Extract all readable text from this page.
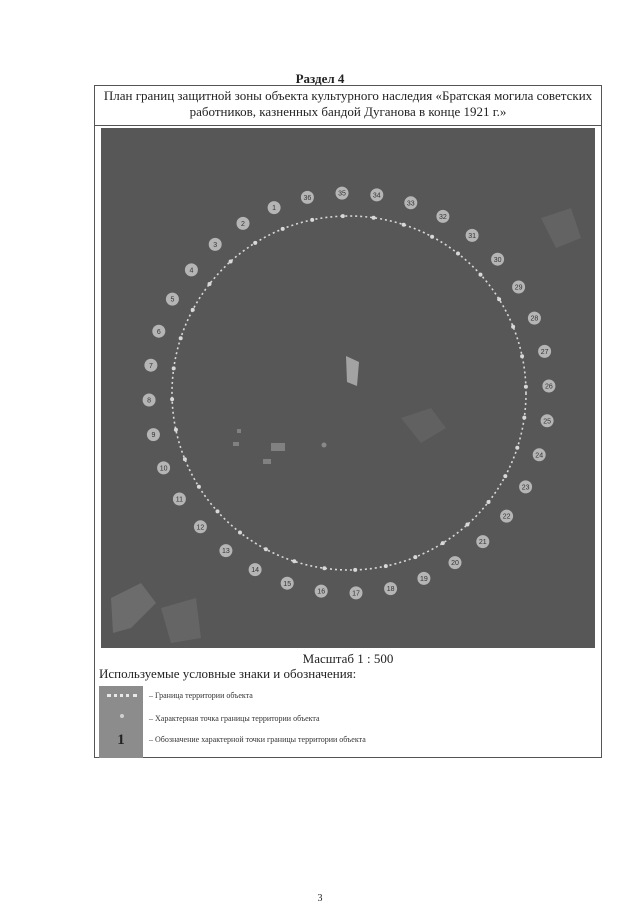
Раздел 4
План границ защитной зоны объекта культурного наследия «Братская могила советских
работников, казненных бандой Дуганова в конце 1921 г.»
1
2
3
4
5
6
7
8
9
10
11
12
13
14
15
16	17
18
19
20
21
22
23
24
25
26
27
28
29
30
31
32
33
34
35
36
Масштаб 1 : 500
Используемые условные знаки и обозначения:
1
– Граница территории объекта
– Характерная точка границы территории объекта
– Обозначение характерной точки границы территории объекта
3
